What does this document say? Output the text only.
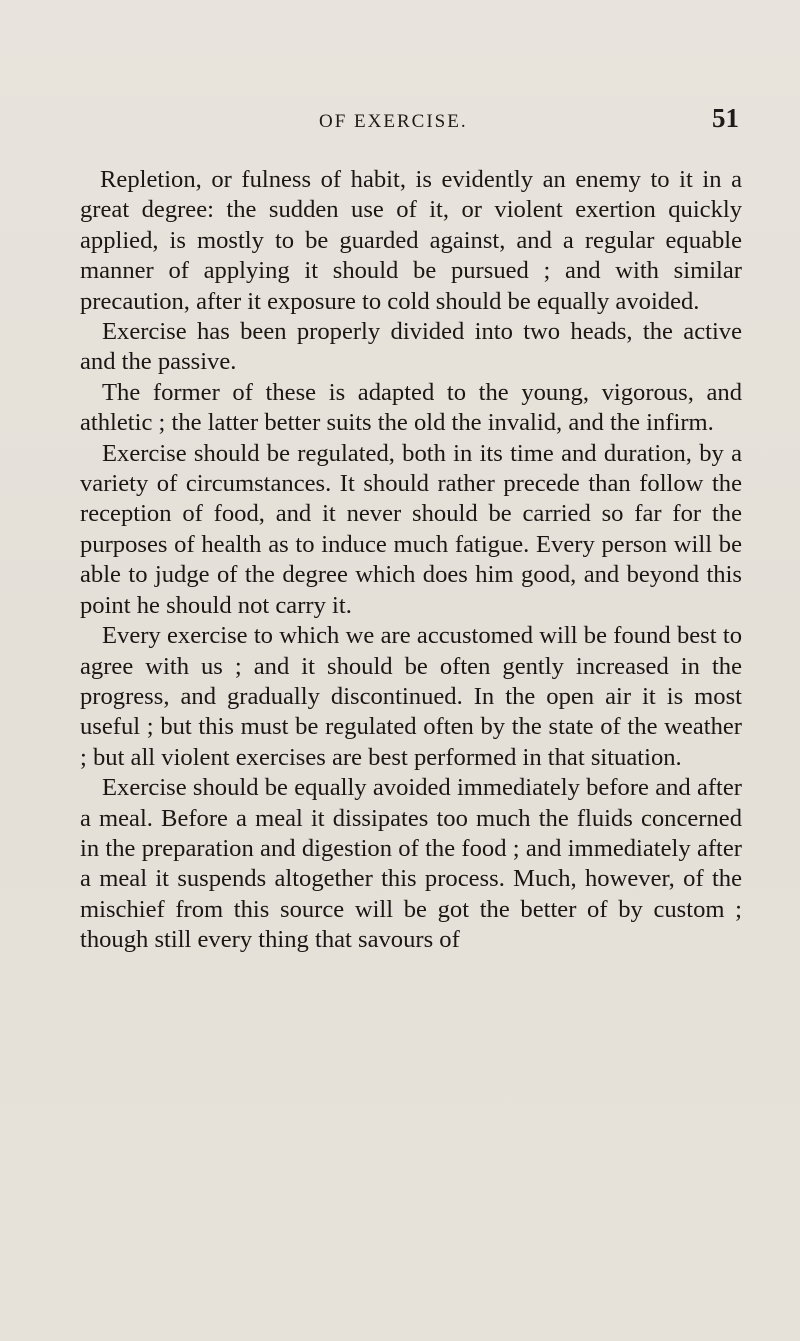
OF EXERCISE.	51

Repletion, or fulness of habit, is evidently an enemy to it in a great degree: the sudden use of it, or violent exertion quickly applied, is mostly to be guarded against, and a regular equable manner of applying it should be pursued ; and with similar precaution, after it exposure to cold should be equally avoided.

Exercise has been properly divided into two heads, the active and the passive.

The former of these is adapted to the young, vigorous, and athletic ; the latter better suits the old the invalid, and the infirm.

Exercise should be regulated, both in its time and duration, by a variety of circumstances. It should rather precede than follow the reception of food, and it never should be carried so far for the purposes of health as to induce much fatigue. Every person will be able to judge of the degree which does him good, and beyond this point he should not carry it.

Every exercise to which we are accustomed will be found best to agree with us ; and it should be often gently increased in the progress, and gradually discontinued. In the open air it is most useful ; but this must be regulated often by the state of the weather ; but all violent exercises are best performed in that situation.

Exercise should be equally avoided immediately before and after a meal. Before a meal it dissipates too much the fluids concerned in the preparation and digestion of the food ; and immediately after a meal it suspends altogether this process. Much, however, of the mischief from this source will be got the better of by custom ; though still every thing that savours of
